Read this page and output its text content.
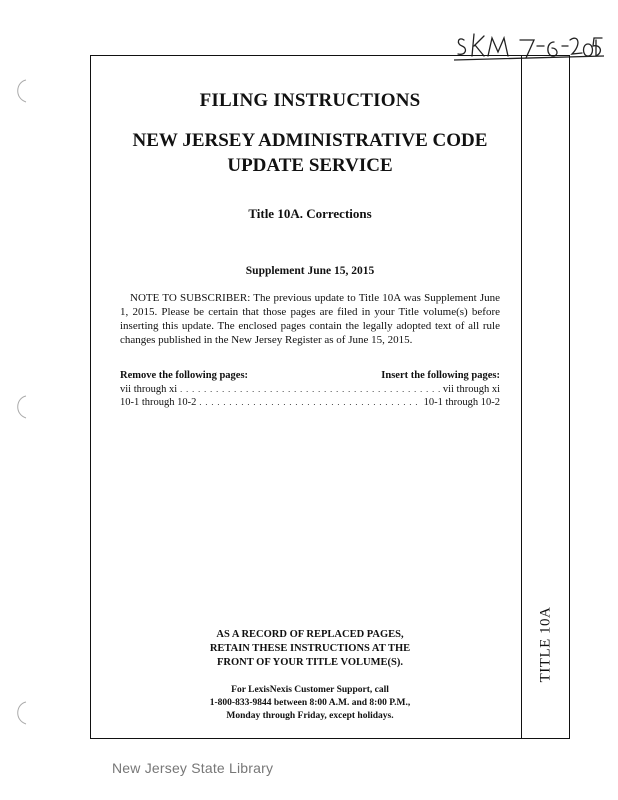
FILING INSTRUCTIONS
NEW JERSEY ADMINISTRATIVE CODE
UPDATE SERVICE
Title 10A. Corrections
Supplement June 15, 2015

NOTE TO SUBSCRIBER: The previous update to Title 10A was Supplement June 1, 2015. Please be certain that those pages are filed in your Title volume(s) before inserting this update. The enclosed pages contain the legally adopted text of all rule changes published in the New Jersey Register as of June 15, 2015.

Remove the following pages:	Insert the following pages:
vii through xi . . .	vii through xi
10-1 through 10-2 . . .	10-1 through 10-2
AS A RECORD OF REPLACED PAGES,
RETAIN THESE INSTRUCTIONS AT THE
FRONT OF YOUR TITLE VOLUME(S).
For LexisNexis Customer Support, call
1-800-833-9844 between 8:00 A.M. and 8:00 P.M.,
Monday through Friday, except holidays.
TITLE 10A
New Jersey State Library
